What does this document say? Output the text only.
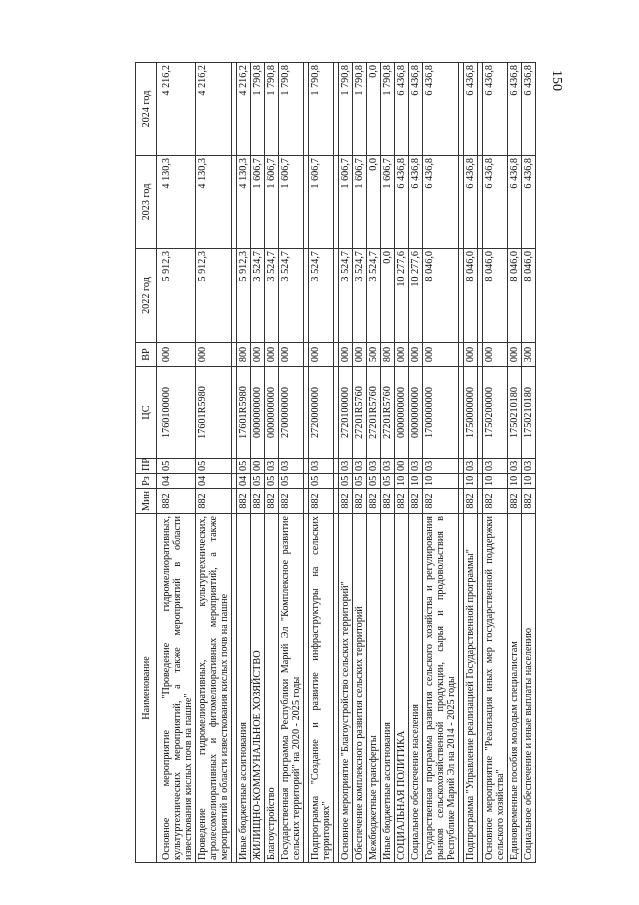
150
Наименование	Мин	Рз	ПР	ЦС	ВР	2022 год	2023 год	2024 год
Основное мероприятие "Проведение гидромелиоративных, культуртехнических мероприятий, а также мероприятий в области известкования кислых почв на пашне"	882	04	05	1760100000	000	5 912,3	4 130,3	4 216,2
Проведение гидромелиоративных, культуртехнических, агролесомелиоративных и фитомелиоративных мероприятий, а также мероприятий в области известкования кислых почв на пашне	882	04	05	17601R5980	000	5 912,3	4 130,3	4 216,2

Иные бюджетные ассигнования	882	04	05	17601R5980	800	5 912,3	4 130,3	4 216,2
ЖИЛИЩНО-КОММУНАЛЬНОЕ ХОЗЯЙСТВО	882	05	00	0000000000	000	3 524,7	1 606,7	1 790,8
Благоустройство	882	05	03	0000000000	000	3 524,7	1 606,7	1 790,8
Государственная программа Республики Марий Эл "Комплексное развитие сельских территорий" на 2020 - 2025 годы	882	05	03	2700000000	000	3 524,7	1 606,7	1 790,8

Подпрограмма "Создание и развитие инфраструктуры на сельских территориях"	882	05	03	2720000000	000	3 524,7	1 606,7	1 790,8

Основное мероприятие "Благоустройство сельских территорий"	882	05	03	2720100000	000	3 524,7	1 606,7	1 790,8
Обеспечение комплексного развития сельских территорий	882	05	03	27201R5760	000	3 524,7	1 606,7	1 790,8
Межбюджетные трансферты	882	05	03	27201R5760	500	3 524,7	0,0	0,0
Иные бюджетные ассигнования	882	05	03	27201R5760	800	0,0	1 606,7	1 790,8
СОЦИАЛЬНАЯ ПОЛИТИКА	882	10	00	0000000000	000	10 277,6	6 436,8	6 436,8
Социальное обеспечение населения	882	10	03	0000000000	000	10 277,6	6 436,8	6 436,8
Государственная программа развития сельского хозяйства и регулирования рынков сельскохозяйственной продукции, сырья и продовольствия в Республике Марий Эл на 2014 - 2025 годы	882	10	03	1700000000	000	8 046,0	6 436,8	6 436,8

Подпрограмма "Управление реализацией Государственной программы"	882	10	03	1750000000	000	8 046,0	6 436,8	6 436,8

Основное мероприятие "Реализация иных мер государственной поддержки сельского хозяйства"	882	10	03	1750200000	000	8 046,0	6 436,8	6 436,8
Единовременные пособия молодым специалистам	882	10	03	1750210180	000	8 046,0	6 436,8	6 436,8
Социальное обеспечение и иные выплаты населению	882	10	03	1750210180	300	8 046,0	6 436,8	6 436,8
